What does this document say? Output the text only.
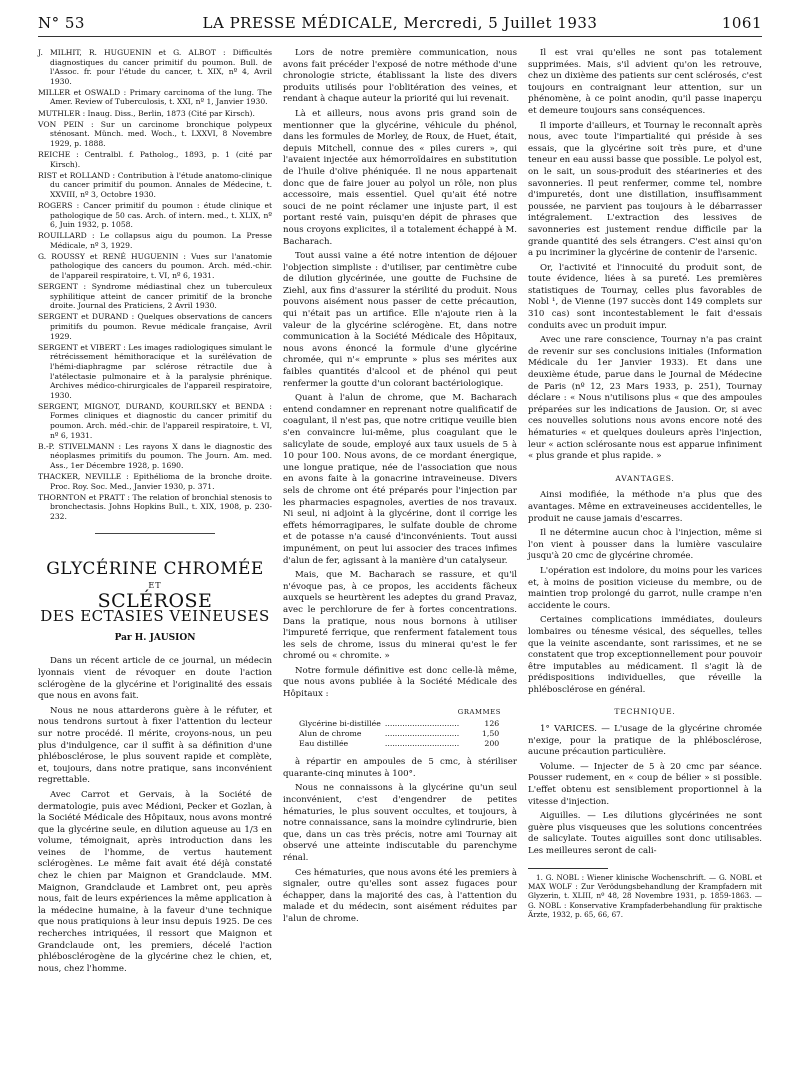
N° 53	LA PRESSE MÉDICALE, Mercredi, 5 Juillet 1933	1061

J. MILHIT, R. HUGUENIN et G. ALBOT : Difficultés diagnostiques du cancer primitif du poumon. Bull. de l'Assoc. fr. pour l'étude du cancer, t. XIX, nº 4, Avril 1930.

MILLER et OSWALD : Primary carcinoma of the lung. The Amer. Review of Tuberculosis, t. XXI, nº 1, Janvier 1930.

MUTHLER : Inaug. Diss., Berlin, 1873 (Cité par Kirsch).

VON PEIN : Sur un carcinome bronchique polypeux sténosant. Münch. med. Woch., t. LXXVI, 8 Novembre 1929, p. 1888.

REICHE : Centralbl. f. Patholog., 1893, p. 1 (cité par Kirsch).

RIST et ROLLAND : Contribution à l'étude anatomo-clinique du cancer primitif du poumon. Annales de Médecine, t. XXVIII, nº 3, Octobre 1930.

ROGERS : Cancer primitif du poumon : étude clinique et pathologique de 50 cas. Arch. of intern. med., t. XLIX, nº 6, Juin 1932, p. 1058.

ROUILLARD : Le collapsus aigu du poumon. La Presse Médicale, nº 3, 1929.

G. ROUSSY et RENÉ HUGUENIN : Vues sur l'anatomie pathologique des cancers du poumon. Arch. méd.-chir. de l'appareil respiratoire, t. VI, nº 6, 1931.

SERGENT : Syndrome médiastinal chez un tuberculeux syphilitique atteint de cancer primitif de la bronche droite. Journal des Praticiens, 2 Avril 1930.

SERGENT et DURAND : Quelques observations de cancers primitifs du poumon. Revue médicale française, Avril 1929.

SERGENT et VIBERT : Les images radiologiques simulant le rétrécissement hémithoracique et la surélévation de l'hémi-diaphragme par sclérose rétractile due à l'atélectasie pulmonaire et à la paralysie phrénique. Archives médico-chirurgicales de l'appareil respiratoire, 1930.

SERGENT, MIGNOT, DURAND, KOURILSKY et BENDA : Formes cliniques et diagnostic du cancer primitif du poumon. Arch. méd.-chir. de l'appareil respiratoire, t. VI, nº 6, 1931.

B.-P. STIVELMANN : Les rayons X dans le diagnostic des néoplasmes primitifs du poumon. The Journ. Am. med. Ass., 1er Décembre 1928, p. 1690.

THACKER, NEVILLE : Epithélioma de la bronche droite. Proc. Roy. Soc. Med., Janvier 1930, p. 371.

THORNTON et PRATT : The relation of bronchial stenosis to bronchectasis. Johns Hopkins Bull., t. XIX, 1908, p. 230-232.

GLYCÉRINE CHROMÉE
ET
SCLÉROSE
DES ECTASIES VEINEUSES
Par H. JAUSION

Dans un récent article de ce journal, un médecin lyonnais vient de révoquer en doute l'action sclérogène de la glycérine et l'originalité des essais que nous en avons fait.

Nous ne nous attarderons guère à le réfuter, et nous tendrons surtout à fixer l'attention du lecteur sur notre procédé. Il mérite, croyons-nous, un peu plus d'indulgence, car il suffit à sa définition d'une phlébosclérose, le plus souvent rapide et complète, et, toujours, dans notre pratique, sans inconvénient regrettable.

Avec Carrot et Gervais, à la Société de dermatologie, puis avec Médioni, Pecker et Gozlan, à la Société Médicale des Hôpitaux, nous avons montré que la glycérine seule, en dilution aqueuse au 1/3 en volume, témoignait, après introduction dans les veines de l'homme, de vertus hautement sclérogènes. Le même fait avait été déjà constaté chez le chien par Maignon et Grandclaude. MM. Maignon, Grandclaude et Lambret ont, peu après nous, fait de leurs expériences la même application à la médecine humaine, à la faveur d'une technique que nous pratiquions à leur insu depuis 1925. De ces recherches intriquées, il ressort que Maignon et Grandclaude ont, les premiers, décelé l'action phlébosclérogène de la glycérine chez le chien, et, nous, chez l'homme.

Lors de notre première communication, nous avons fait précéder l'exposé de notre méthode d'une chronologie stricte, établissant la liste des divers produits utilisés pour l'oblitération des veines, et rendant à chaque auteur la priorité qui lui revenait.

Là et ailleurs, nous avons pris grand soin de mentionner que la glycérine, véhicule du phénol, dans les formules de Morley, de Roux, de Huet, était, depuis Mitchell, connue des « piles curers », qui l'avaient injectée aux hémorroïdaires en substitution de l'huile d'olive phéniquée. Il ne nous appartenait donc que de faire jouer au polyol un rôle, non plus accessoire, mais essentiel. Quel qu'ait été notre souci de ne point réclamer une injuste part, il est portant resté vain, puisqu'en dépit de phrases que nous croyons explicites, il a totalement échappé à M. Bacharach.

Tout aussi vaine a été notre intention de déjouer l'objection simpliste : d'utiliser, par centimètre cube de dilution glycérinée, une goutte de Fuchsine de Ziehl, aux fins d'assurer la stérilité du produit. Nous pouvons aisément nous passer de cette précaution, qui n'était pas un artifice. Elle n'ajoute rien à la valeur de la glycérine sclérogène. Et, dans notre communication à la Société Médicale des Hôpitaux, nous avons énoncé la formule d'une glycérine chromée, qui n'« emprunte » plus ses mérites aux faibles quantités d'alcool et de phénol qui peut renfermer la goutte d'un colorant bactériologique.

Quant à l'alun de chrome, que M. Bacharach entend condamner en reprenant notre qualificatif de coagulant, il n'est pas, que notre critique veuille bien s'en convaincre lui-même, plus coagulant que le salicylate de soude, employé aux taux usuels de 5 à 10 pour 100. Nous avons, de ce mordant énergique, une longue pratique, née de l'association que nous en avons faite à la gonacrine intraveineuse. Divers sels de chrome ont été préparés pour l'injection par les pharmacies espagnoles, averties de nos travaux. Ni seul, ni adjoint à la glycérine, dont il corrige les effets hémorragipares, le sulfate double de chrome et de potasse n'a causé d'inconvénients. Tout aussi impunément, on peut lui associer des traces infimes d'alun de fer, agissant à la manière d'un catalyseur.

Mais, que M. Bacharach se rassure, et qu'il n'évoque pas, à ce propos, les accidents fâcheux auxquels se heurtèrent les adeptes du grand Pravaz, avec le perchlorure de fer à fortes concentrations. Dans la pratique, nous nous bornons à utiliser l'impureté ferrique, que renferment fatalement tous les sels de chrome, issus du minerai qu'est le fer chromé ou « chromite. »

Notre formule définitive est donc celle-là même, que nous avons publiée à la Société Médicale des Hôpitaux :

GRAMMES
Glycérine bi-distillée	..............................	126
Alun de chrome	..............................	1,50
Eau distillée	..............................	200

à répartir en ampoules de 5 cmc, à stériliser quarante-cinq minutes à 100°.

Nous ne connaissons à la glycérine qu'un seul inconvénient, c'est d'engendrer de petites hématuries, le plus souvent occultes, et toujours, à notre connaissance, sans la moindre cylindrurie, bien que, dans un cas très précis, notre ami Tournay ait observé une atteinte indiscutable du parenchyme rénal.

Ces hématuries, que nous avons été les premiers à signaler, outre qu'elles sont assez fugaces pour échapper, dans la majorité des cas, à l'attention du malade et du médecin, sont aisément réduites par l'alun de chrome.

Il est vrai qu'elles ne sont pas totalement supprimées. Mais, s'il advient qu'on les retrouve, chez un dixième des patients sur cent sclérosés, c'est toujours en contraignant leur attention, sur un phénomène, à ce point anodin, qu'il passe inaperçu et demeure toujours sans conséquences.

Il importe d'ailleurs, et Tournay le reconnaît après nous, avec toute l'impartialité qui préside à ses essais, que la glycérine soit très pure, et d'une teneur en eau aussi basse que possible. Le polyol est, on le sait, un sous-produit des stéarineries et des savonneries. Il peut renfermer, comme tel, nombre d'impuretés, dont une distillation, insuffisamment poussée, ne parvient pas toujours à le débarrasser intégralement. L'extraction des lessives de savonneries est justement rendue difficile par la grande quantité des sels étrangers. C'est ainsi qu'on a pu incriminer la glycérine de contenir de l'arsenic.

Or, l'activité et l'innocuité du produit sont, de toute évidence, liées à sa pureté. Les premières statistiques de Tournay, celles plus favorables de Nobl ¹, de Vienne (197 succès dont 149 complets sur 310 cas) sont incontestablement le fait d'essais conduits avec un produit impur.

Avec une rare conscience, Tournay n'a pas craint de revenir sur ses conclusions initiales (Information Médicale du 1er Janvier 1933). Et dans une deuxième étude, parue dans le Journal de Médecine de Paris (nº 12, 23 Mars 1933, p. 251), Tournay déclare : « Nous n'utilisons plus « que des ampoules préparées sur les indications de Jausion. Or, si avec ces nouvelles solutions nous avons encore noté des hématuries « et quelques douleurs après l'injection, leur « action sclérosante nous est apparue infiniment « plus grande et plus rapide. »

AVANTAGES.

Ainsi modifiée, la méthode n'a plus que des avantages. Même en extraveineuses accidentelles, le produit ne cause jamais d'escarres.

Il ne détermine aucun choc à l'injection, même si l'on vient à pousser dans la lumière vasculaire jusqu'à 20 cmc de glycérine chromée.

L'opération est indolore, du moins pour les varices et, à moins de position vicieuse du membre, ou de maintien trop prolongé du garrot, nulle crampe n'en accidente le cours.

Certaines complications immédiates, douleurs lombaires ou ténesme vésical, des séquelles, telles que la veinite ascendante, sont rarissimes, et ne se constatent que trop exceptionnellement pour pouvoir être imputables au médicament. Il s'agit là de prédispositions individuelles, que réveille la phlébosclérose en général.

TECHNIQUE.

1° VARICES. — L'usage de la glycérine chromée n'exige, pour la pratique de la phlébosclérose, aucune précaution particulière.

Volume. — Injecter de 5 à 20 cmc par séance. Pousser rudement, en « coup de bélier » si possible. L'effet obtenu est sensiblement proportionnel à la vitesse d'injection.

Aiguilles. — Les dilutions glycérinées ne sont guère plus visqueuses que les solutions concentrées de salicylate. Toutes aiguilles sont donc utilisables. Les meilleures seront de cali-

1. G. NOBL : Wiener klinische Wochenschrift. — G. NOBL et MAX WOLF : Zur Verödungsbehandlung der Krampfadern mit Glyzerin, t. XLIII, nº 48, 28 Novembre 1931, p. 1859-1863. — G. NOBL : Konservative Krampfaderbehandlung für praktische Ärzte, 1932, p. 65, 66, 67.
